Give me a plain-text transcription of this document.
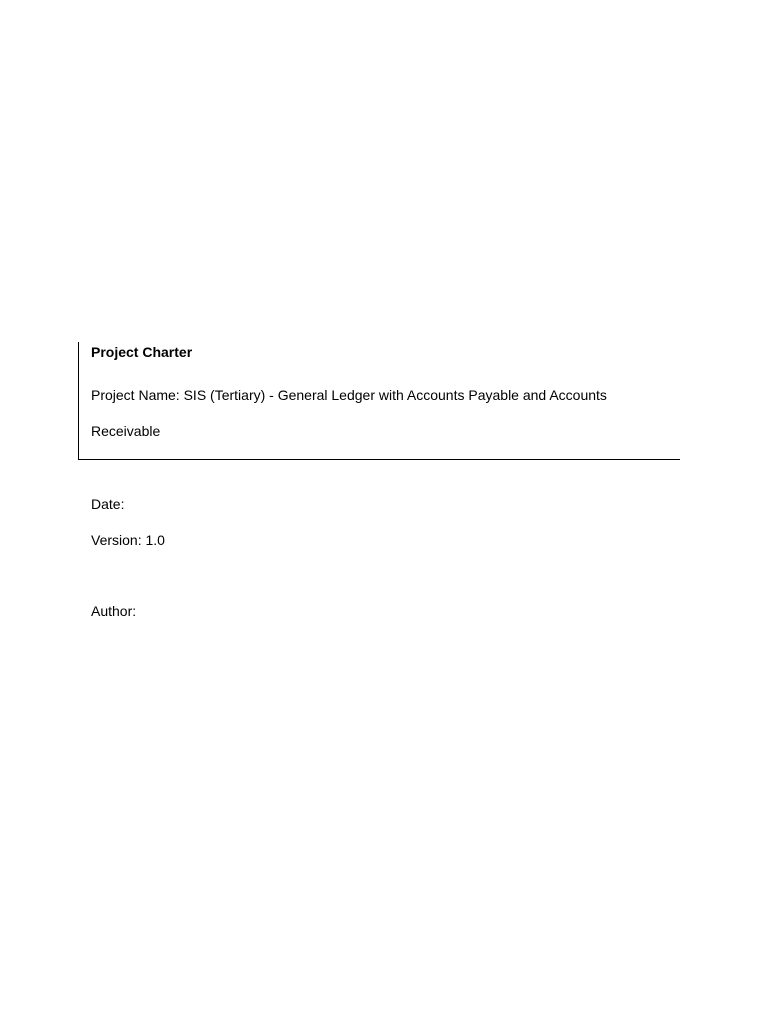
Project Charter
Project Name: SIS (Tertiary) - General Ledger with Accounts Payable and Accounts Receivable
Date:
Version: 1.0
Author:
